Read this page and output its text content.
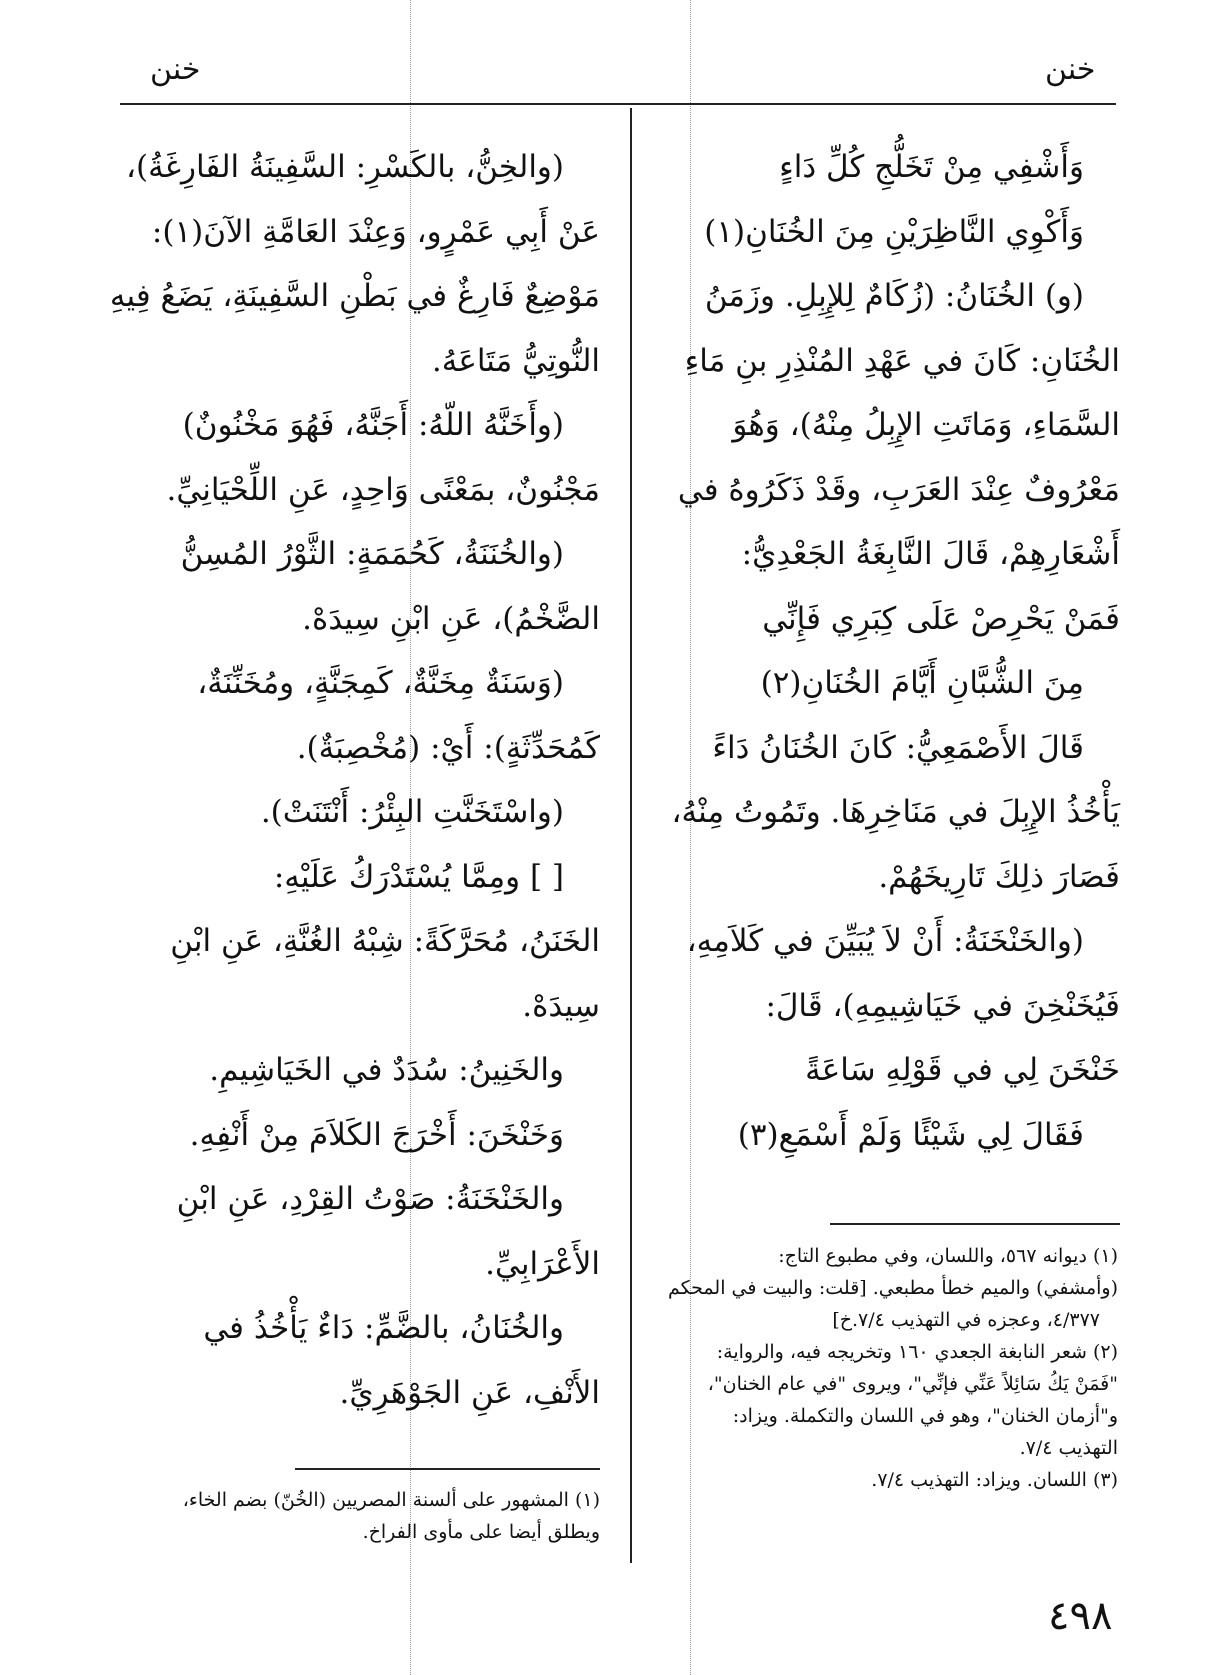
خنن	خنن
وَأَشْفِي مِنْ تَخَلُّجِ كُلِّ دَاءٍ
وَأَكْوِي النَّاظِرَيْنِ مِنَ الخُنَانِ(١)
(و) الخُنَانُ: (زُكَامٌ لِلإِبِلِ. وزَمَنُ
الخُنَانِ: كَانَ في عَهْدِ المُنْذِرِ بنِ مَاءِ
السَّمَاءِ، وَمَاتَتِ الإِبِلُ مِنْهُ)، وَهُوَ
مَعْرُوفٌ عِنْدَ العَرَبِ، وقَدْ ذَكَرُوهُ في
أَشْعَارِهِمْ، قَالَ النَّابِغَةُ الجَعْدِيُّ:
فَمَنْ يَحْرِصْ عَلَى كِبَرِي فَإِنِّي
مِنَ الشُّبَّانِ أَيَّامَ الخُنَانِ(٢)
قَالَ الأَصْمَعِيُّ: كَانَ الخُنَانُ دَاءً
يَأْخُذُ الإِبِلَ في مَنَاخِرِهَا. وتَمُوتُ مِنْهُ،
فَصَارَ ذلِكَ تَارِيخَهُمْ.
(والخَنْخَنَةُ: أَنْ لاَ يُبَيِّنَ في كَلاَمِهِ،
فَيُخَنْخِنَ في خَيَاشِيمِهِ)، قَالَ:
خَنْخَنَ لِي في قَوْلِهِ سَاعَةً
فَقَالَ لِي شَيْئًا وَلَمْ أَسْمَعِ(٣)
(والخِنُّ، بالكَسْرِ: السَّفِينَةُ الفَارِغَةُ)،
عَنْ أَبِي عَمْرٍو، وَعِنْدَ العَامَّةِ الآنَ(١):
مَوْضِعٌ فَارِغٌ في بَطْنِ السَّفِينَةِ، يَضَعُ فِيهِ
النُّوتِيُّ مَتَاعَهُ.
(وأَخَنَّهُ اللّهُ: أَجَنَّهُ، فَهُوَ مَخْنُونٌ)
مَجْنُونٌ، بمَعْنًى وَاحِدٍ، عَنِ اللِّحْيَانِيِّ.
(والخُنَنَةُ، كَحُمَمَةٍ: الثَّوْرُ المُسِنُّ
الضَّخْمُ)، عَنِ ابْنِ سِيدَهْ.
(وَسَنَةٌ مِخَنَّةٌ، كَمِجَنَّةٍ، ومُخَنِّنَةٌ،
كَمُحَدِّثَةٍ): أَيْ: (مُخْصِبَةٌ).
(واسْتَخَنَّتِ البِئْرُ: أَنْتَنَتْ).
[ ] ومِمَّا يُسْتَدْرَكُ عَلَيْهِ:
الخَنَنُ، مُحَرَّكَةً: شِبْهُ الغُنَّةِ، عَنِ ابْنِ
سِيدَهْ.
والخَنِينُ: سُدَدٌ في الخَيَاشِيمِ.
وَخَنْخَنَ: أَخْرَجَ الكَلاَمَ مِنْ أَنْفِهِ.
والخَنْخَنَةُ: صَوْتُ القِرْدِ، عَنِ ابْنِ
الأَعْرَابِيِّ.
والخُنَانُ، بالضَّمِّ: دَاءٌ يَأْخُذُ في
الأَنْفِ، عَنِ الجَوْهَرِيِّ.
(١) ديوانه ٥٦٧، واللسان، وفي مطبوع التاج:
(وأمشفي) والميم خطأ مطبعي. [قلت: والبيت في المحكم
٤/٣٧٧، وعجزه في التهذيب ٧/٤.خ]
(٢) شعر النابغة الجعدي ١٦٠ وتخريجه فيه، والرواية:
"فَمَنْ يَكُ سَائِلاً عَنِّي فإنِّي"، ويروى "في عام الخنان"،
و"أزمان الخنان"، وهو في اللسان والتكملة. ويزاد:
التهذيب ٧/٤.
(٣) اللسان. ويزاد: التهذيب ٧/٤.
(١) المشهور على ألسنة المصريين (الخُنّ) بضم الخاء،
ويطلق أيضا على مأوى الفراخ.
٤٩٨
